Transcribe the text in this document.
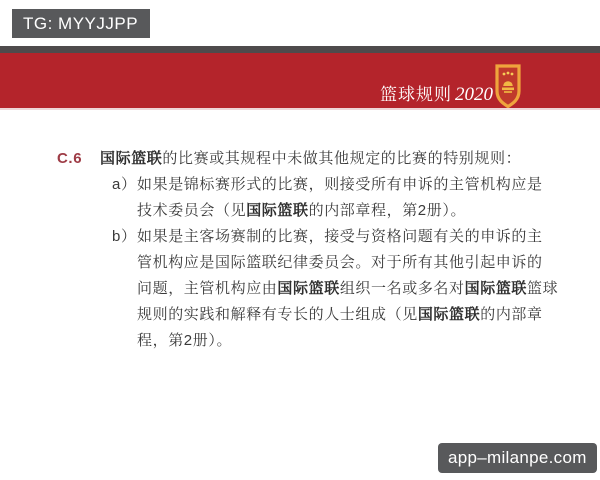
TG: MYYJJPP
篮球规则 2020
C.6	国际篮联的比赛或其规程中未做其他规定的比赛的特别规则：
a） 如果是锦标赛形式的比赛，则接受所有申诉的主管机构应是
技术委员会（见国际篮联的内部章程，第2册）。
b） 如果是主客场赛制的比赛，接受与资格问题有关的申诉的主
管机构应是国际篮联纪律委员会。对于所有其他引起申诉的
问题，主管机构应由国际篮联组织一名或多名对国际篮联篮球
规则的实践和解释有专长的人士组成（见国际篮联的内部章
程，第2册）。
app–milanpe.com
